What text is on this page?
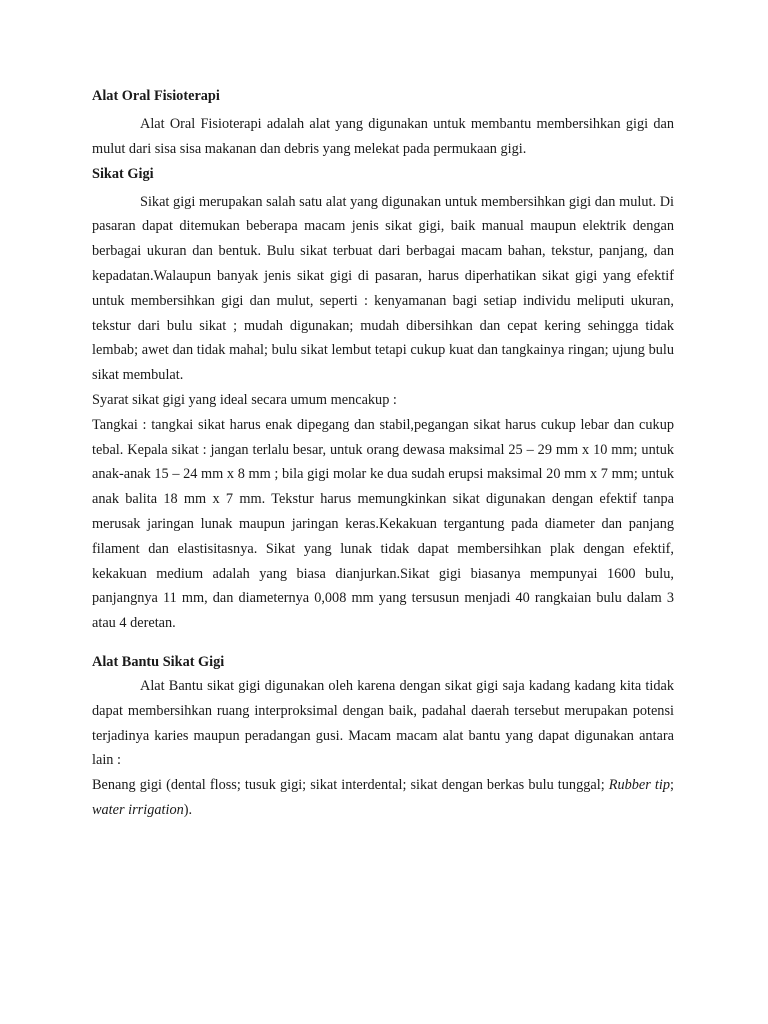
Alat Oral Fisioterapi

Alat Oral Fisioterapi adalah alat yang digunakan untuk membantu membersihkan gigi dan mulut dari sisa sisa makanan dan debris yang melekat pada permukaan gigi.

Sikat Gigi

Sikat gigi merupakan salah satu alat yang digunakan untuk membersihkan gigi dan mulut. Di pasaran dapat ditemukan beberapa macam jenis sikat gigi, baik manual maupun elektrik dengan berbagai ukuran dan bentuk. Bulu sikat terbuat dari berbagai macam bahan, tekstur, panjang, dan kepadatan.Walaupun banyak jenis sikat gigi di pasaran, harus diperhatikan sikat gigi yang efektif untuk membersihkan gigi dan mulut, seperti : kenyamanan bagi setiap individu meliputi ukuran, tekstur dari bulu sikat ; mudah digunakan; mudah dibersihkan dan cepat kering sehingga tidak lembab; awet dan tidak mahal; bulu sikat lembut tetapi cukup kuat dan tangkainya ringan; ujung bulu sikat membulat.

Syarat sikat gigi yang ideal secara umum mencakup :

Tangkai : tangkai sikat harus enak dipegang dan stabil,pegangan sikat harus cukup lebar dan cukup tebal. Kepala sikat : jangan terlalu besar, untuk orang dewasa maksimal 25 – 29 mm x 10 mm; untuk anak-anak 15 – 24 mm x 8 mm ; bila gigi molar ke dua sudah erupsi maksimal 20 mm x 7 mm; untuk anak balita 18 mm x 7 mm. Tekstur harus memungkinkan sikat digunakan dengan efektif tanpa merusak jaringan lunak maupun jaringan keras.Kekakuan tergantung pada diameter dan panjang filament dan elastisitasnya. Sikat yang lunak tidak dapat membersihkan plak dengan efektif, kekakuan medium adalah yang biasa dianjurkan.Sikat gigi biasanya mempunyai 1600 bulu, panjangnya 11 mm, dan diameternya 0,008 mm yang tersusun menjadi 40 rangkaian bulu dalam 3 atau 4 deretan.

Alat Bantu Sikat Gigi

Alat Bantu sikat gigi digunakan oleh karena dengan sikat gigi saja kadang kadang kita tidak dapat membersihkan ruang interproksimal dengan baik, padahal daerah tersebut merupakan potensi terjadinya karies maupun peradangan gusi. Macam macam alat bantu yang dapat digunakan antara lain :

Benang gigi (dental floss; tusuk gigi; sikat interdental; sikat dengan berkas bulu tunggal; Rubber tip; water irrigation).
